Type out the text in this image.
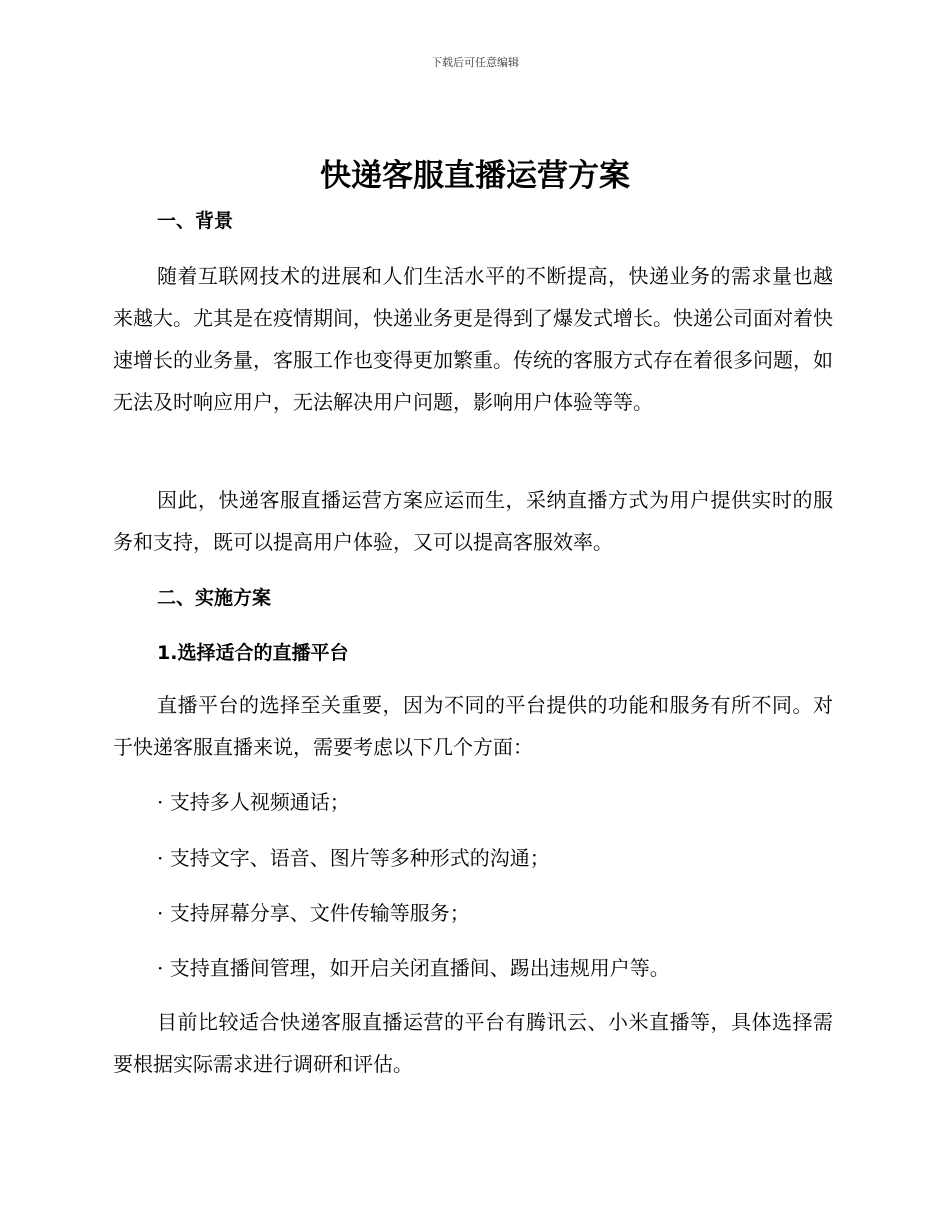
下载后可任意编辑
快递客服直播运营方案
一、背景
随着互联网技术的进展和人们生活水平的不断提高，快递业务的需求量也越来越大。尤其是在疫情期间，快递业务更是得到了爆发式增长。快递公司面对着快速增长的业务量，客服工作也变得更加繁重。传统的客服方式存在着很多问题，如无法及时响应用户，无法解决用户问题，影响用户体验等等。
因此，快递客服直播运营方案应运而生，采纳直播方式为用户提供实时的服务和支持，既可以提高用户体验，又可以提高客服效率。
二、实施方案
1.选择适合的直播平台
直播平台的选择至关重要，因为不同的平台提供的功能和服务有所不同。对于快递客服直播来说，需要考虑以下几个方面：
· 支持多人视频通话；
· 支持文字、语音、图片等多种形式的沟通；
· 支持屏幕分享、文件传输等服务；
· 支持直播间管理，如开启关闭直播间、踢出违规用户等。
目前比较适合快递客服直播运营的平台有腾讯云、小米直播等，具体选择需要根据实际需求进行调研和评估。
